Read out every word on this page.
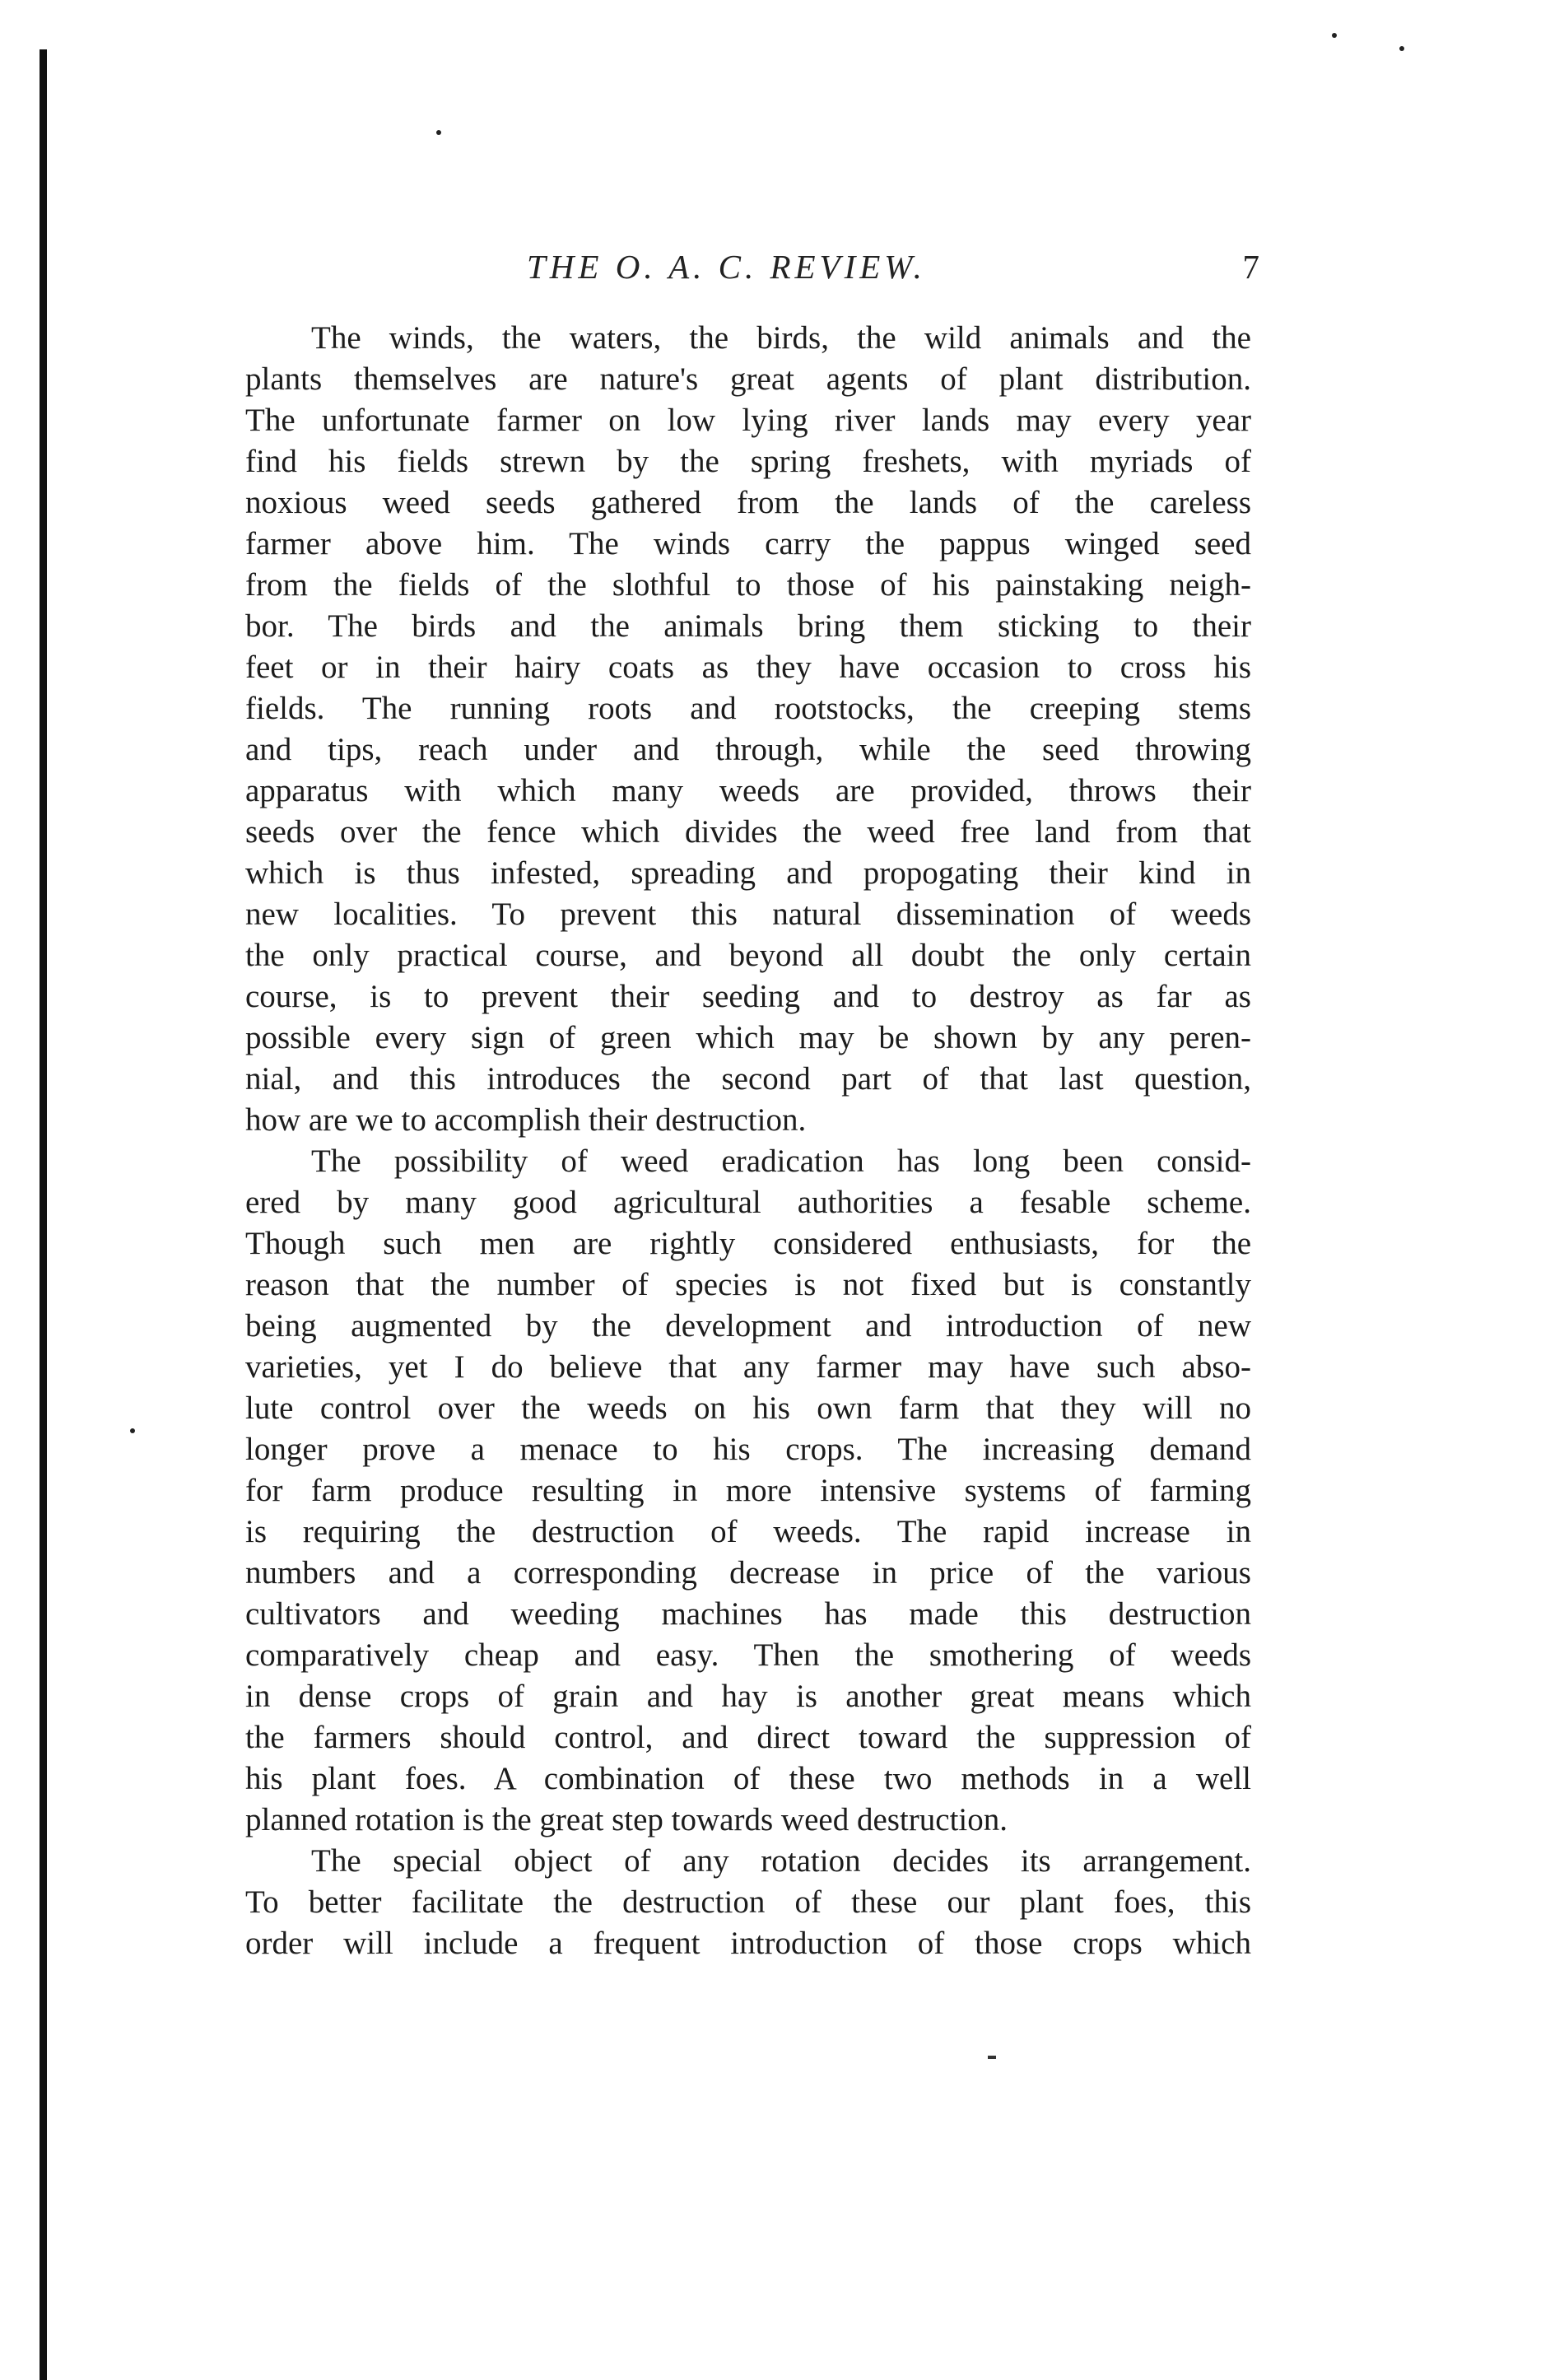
THE O. A. C. REVIEW.	7
The winds, the waters, the birds, the wild animals and the
plants themselves are nature's great agents of plant distribution.
The unfortunate farmer on low lying river lands may every year
find his fields strewn by the spring freshets, with myriads of
noxious weed seeds gathered from the lands of the careless
farmer above him. The winds carry the pappus winged seed
from the fields of the slothful to those of his painstaking neigh-
bor. The birds and the animals bring them sticking to their
feet or in their hairy coats as they have occasion to cross his
fields. The running roots and rootstocks, the creeping stems
and tips, reach under and through, while the seed throwing
apparatus with which many weeds are provided, throws their
seeds over the fence which divides the weed free land from that
which is thus infested, spreading and propogating their kind in
new localities. To prevent this natural dissemination of weeds
the only practical course, and beyond all doubt the only certain
course, is to prevent their seeding and to destroy as far as
possible every sign of green which may be shown by any peren-
nial, and this introduces the second part of that last question,
how are we to accomplish their destruction.
The possibility of weed eradication has long been consid-
ered by many good agricultural authorities a fesable scheme.
Though such men are rightly considered enthusiasts, for the
reason that the number of species is not fixed but is constantly
being augmented by the development and introduction of new
varieties, yet I do believe that any farmer may have such abso-
lute control over the weeds on his own farm that they will no
longer prove a menace to his crops. The increasing demand
for farm produce resulting in more intensive systems of farming
is requiring the destruction of weeds. The rapid increase in
numbers and a corresponding decrease in price of the various
cultivators and weeding machines has made this destruction
comparatively cheap and easy. Then the smothering of weeds
in dense crops of grain and hay is another great means which
the farmers should control, and direct toward the suppression of
his plant foes. A combination of these two methods in a well
planned rotation is the great step towards weed destruction.
The special object of any rotation decides its arrangement.
To better facilitate the destruction of these our plant foes, this
order will include a frequent introduction of those crops which
